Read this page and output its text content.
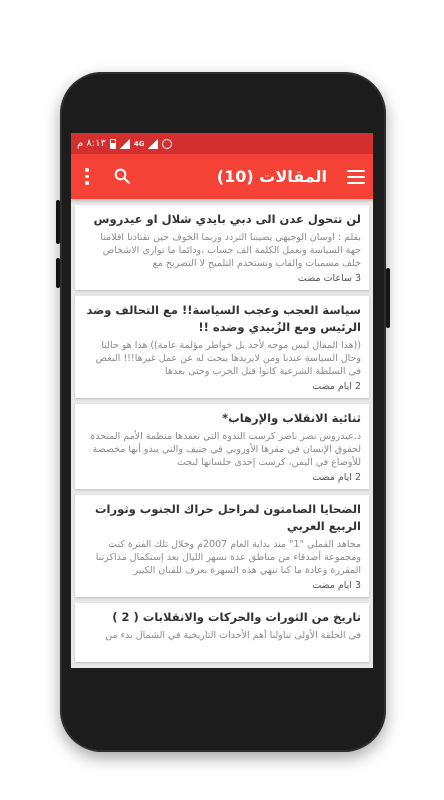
٨:١٣ م	4G
المقالات (10)
لن تتحول عدن الى دبي بايدي شلال او عيدروس
بقلم : اوسان الوجيهي يصيبنا التردد وربما الخوف حين تقتادنا اقلامنا جهة السياسة ونعمل الكلمة الف حساب ،ودائما ما نواري الاشخاص خلف مسميات والقاب ونستخدم التلميح لا التصريح مع
3 ساعات مضت
سياسة العجب وعجب السياسة!! مع التحالف وضد الرئيس ومع الزُبيدي وضده !!
((هذا المقال ليس موجه لأحد بل خواطر مؤلمة عامة)) هذا هو حالنا وحال السياسة عندنا ومن لايريدها يبحث له عن عمل غيرها!!! البعض في السلطة الشرعية كانوا قبل الحرب وحتى بعدها
2 ايام مضت
ثنائية الانقلاب والإرهاب*
د.عيدروس نصر ناصر كرست الندوة التي تعقدها منظمة الأمم المتحدة لحقوق الإنسان في مقرها الأوروبي في جنيف والتي يبدو أنها مخصصة للأوضاع في اليمن، كرست إحدى جلساتها لبحث
2 ايام مضت
الضحايا الصامتون لمراحل حراك الجنوب وثورات الربيع العربي
مجاهد القملي "1" منذ بداية العام 2007م وخلال تلك الفترة كنت ومجموعة أصدقاء من مناطق عدة نسهر الليال بعد إستكمال مذاكرتنا المقررة وعادة ما كنا ننهي هذه السهرة بعزف للفنان الكبير
3 ايام مضت
تاريخ من الثورات والحركات والانقلابات ( 2 )
في الحلقة الأولى تناولنا أهم الأحداث التاريخية في الشمال بدء من
